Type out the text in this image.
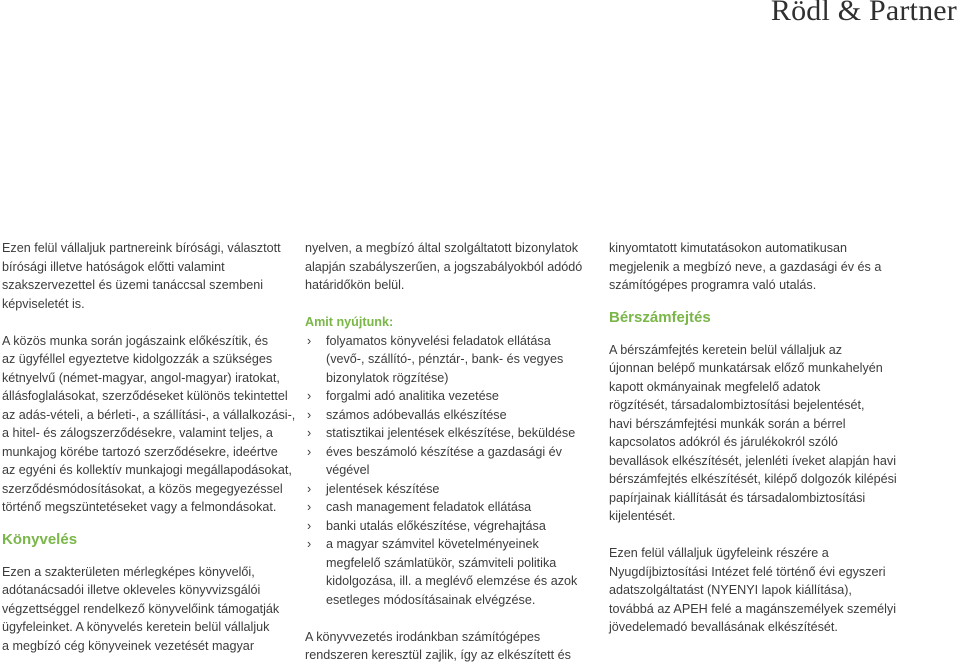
Rödl & Partner

Ezen felül vállaljuk partnereink bírósági, választott

bírósági illetve hatóságok előtti valamint

szakszervezettel és üzemi tanáccsal szembeni

képviseletét is.

A közös munka során jogászaink előkészítik, és

az ügyféllel egyeztetve kidolgozzák a szükséges

kétnyelvű (német-magyar, angol-magyar) iratokat,

állásfoglalásokat, szerződéseket különös tekintettel

az adás-vételi, a bérleti-, a szállítási-, a vállalkozási-,

a hitel- és zálogszerződésekre, valamint teljes, a

munkajog körébe tartozó szerződésekre, ideértve

az egyéni és kollektív munkajogi megállapodásokat,

szerződésmódosításokat, a közös megegyezéssel

történő megszüntetéseket vagy a felmondásokat.

Könyvelés

Ezen a szakterületen mérlegképes könyvelői,

adótanácsadói illetve okleveles könyvvizsgálói

végzettséggel rendelkező könyvelőink támogatják

ügyfeleinket. A könyvelés keretein belül vállaljuk

a megbízó cég könyveinek vezetését magyar

nyelven, a megbízó által szolgáltatott bizonylatok

alapján szabályszerűen, a jogszabályokból adódó

határidőkön belül.

Amit nyújtunk:
› folyamatos könyvelési feladatok ellátása
(vevő-, szállító-, pénztár-, bank- és vegyes
bizonylatok rögzítése)
› forgalmi adó analitika vezetése
› számos adóbevallás elkészítése
› statisztikai jelentések elkészítése, beküldése
› éves beszámoló készítése a gazdasági év
végével
› jelentések készítése
› cash management feladatok ellátása
› banki utalás előkészítése, végrehajtása
› a magyar számvitel követelményeinek
megfelelő számlatükör, számviteli politika
kidolgozása, ill. a meglévő elemzése és azok
esetleges módosításainak elvégzése.

A könyvvezetés irodánkban számítógépes

rendszeren keresztül zajlik, így az elkészített és

kinyomtatott kimutatásokon automatikusan

megjelenik a megbízó neve, a gazdasági év és a

számítógépes programra való utalás.

Bérszámfejtés

A bérszámfejtés keretein belül vállaljuk az

újonnan belépő munkatársak előző munkahelyén

kapott okmányainak megfelelő adatok

rögzítését, társadalombiztosítási bejelentését,

havi bérszámfejtési munkák során a bérrel

kapcsolatos adókról és járulékokról szóló

bevallások elkészítését, jelenléti íveket alapján havi

bérszámfejtés elkészítését, kilépő dolgozók kilépési

papírjainak kiállítását és társadalombiztosítási

kijelentését.

Ezen felül vállaljuk ügyfeleink részére a

Nyugdíjbiztosítási Intézet felé történő évi egyszeri

adatszolgáltatást (NYENYI lapok kiállítása),

továbbá az APEH felé a magánszemélyek személyi

jövedelemadó bevallásának elkészítését.
